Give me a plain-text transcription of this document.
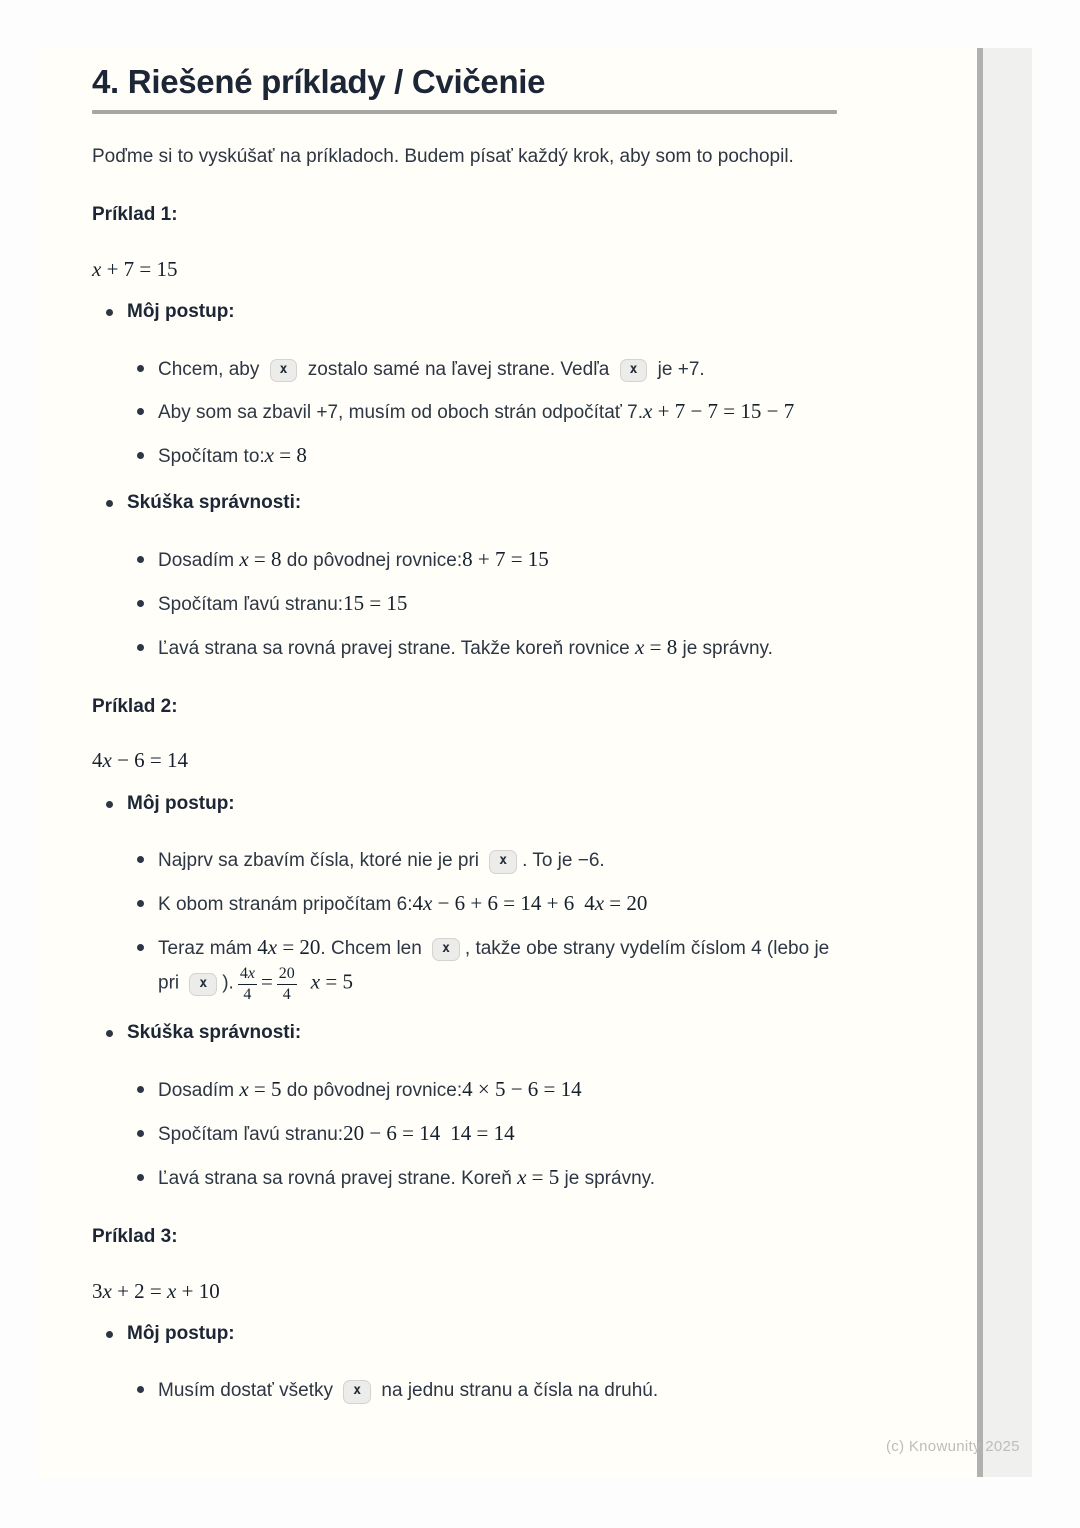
4. Riešené príklady / Cvičenie

Poďme si to vyskúšať na príkladoch. Budem písať každý krok, aby som to pochopil.

Príklad 1:
x + 7 = 15
Môj postup:
Chcem, aby x zostalo samé na ľavej strane. Vedľa x je +7.
Aby som sa zbavil +7, musím od oboch strán odpočítať 7.x + 7 − 7 = 15 − 7
Spočítam to:x = 8
Skúška správnosti:
Dosadím x = 8 do pôvodnej rovnice:8 + 7 = 15
Spočítam ľavú stranu:15 = 15
Ľavá strana sa rovná pravej strane. Takže koreň rovnice x = 8 je správny.
Príklad 2:
4x − 6 = 14
Môj postup:
Najprv sa zbavím čísla, ktoré nie je pri x . To je −6.
K obom stranám pripočítam 6:4x − 6 + 6 = 14 + 6 4x = 20
Teraz mám 4x = 20. Chcem len x , takže obe strany vydelím číslom 4 (lebo je pri x ). $\frac{4x}{4} = \frac{20}{4}$ x = 5
Skúška správnosti:
Dosadím x = 5 do pôvodnej rovnice:4 × 5 − 6 = 14
Spočítam ľavú stranu:20 − 6 = 14 14 = 14
Ľavá strana sa rovná pravej strane. Koreň x = 5 je správny.
Príklad 3:
3x + 2 = x + 10
Môj postup:
Musím dostať všetky x na jednu stranu a čísla na druhú.
(c) Knowunity 2025
